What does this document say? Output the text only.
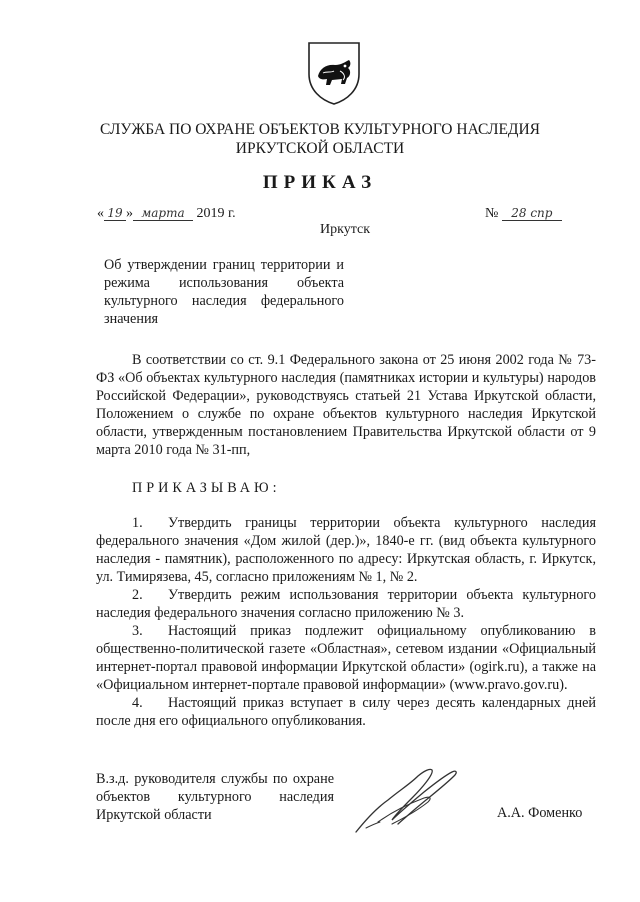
СЛУЖБА ПО ОХРАНЕ ОБЪЕКТОВ КУЛЬТУРНОГО НАСЛЕДИЯ
ИРКУТСКОЙ ОБЛАСТИ
ПРИКАЗ
« 19 » марта 2019 г.	№ 28 спр
Иркутск
Об утверждении границ территории и режима использования объекта культурного наследия федерального значения
В соответствии со ст. 9.1 Федерального закона от 25 июня 2002 года № 73-ФЗ «Об объектах культурного наследия (памятниках истории и культуры) народов Российской Федерации», руководствуясь статьей 21 Устава Иркутской области, Положением о службе по охране объектов культурного наследия Иркутской области, утвержденным постановлением Правительства Иркутской области от 9 марта 2010 года № 31-пп,
ПРИКАЗЫВАЮ:

1. Утвердить границы территории объекта культурного наследия федерального значения «Дом жилой (дер.)», 1840-е гг. (вид объекта культурного наследия - памятник), расположенного по адресу: Иркутская область, г. Иркутск, ул. Тимирязева, 45, согласно приложениям № 1, № 2.

2. Утвердить режим использования территории объекта культурного наследия федерального значения согласно приложению № 3.

3. Настоящий приказ подлежит официальному опубликованию в общественно-политической газете «Областная», сетевом издании «Официальный интернет-портал правовой информации Иркутской области» (ogirk.ru), а также на «Официальном интернет-портале правовой информации» (www.pravo.gov.ru).

4. Настоящий приказ вступает в силу через десять календарных дней после дня его официального опубликования.

В.з.д. руководителя службы по охране объектов культурного наследия Иркутской области	А.А. Фоменко
